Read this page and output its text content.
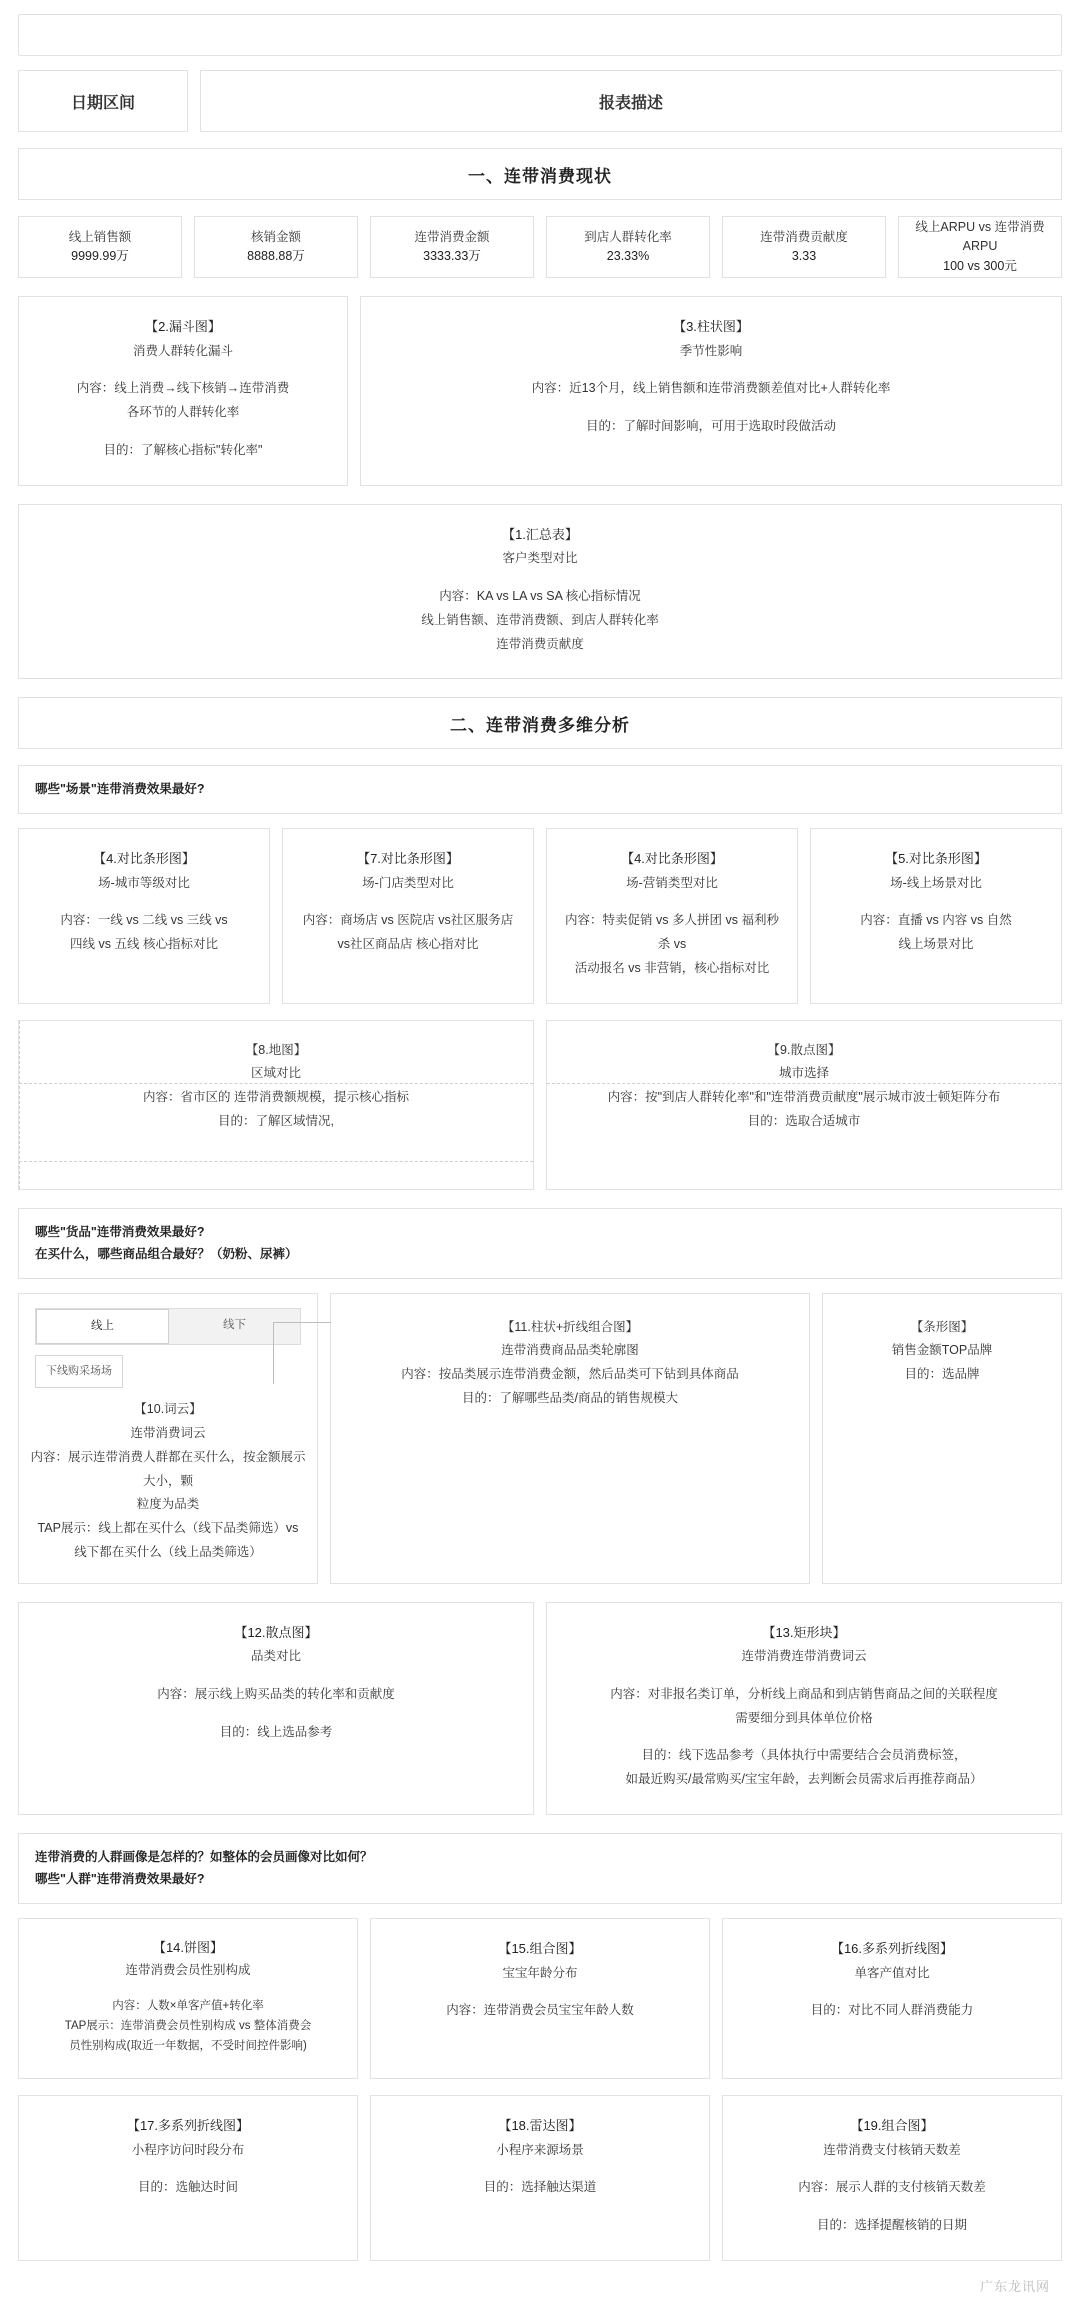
日期区间	报表描述
一、连带消费现状
线上销售额
9999.99万
核销金额
8888.88万
连带消费金额
3333.33万
到店人群转化率
23.33%
连带消费贡献度
3.33
线上ARPU vs 连带消费ARPU
100 vs 300元
【2.漏斗图】
消费人群转化漏斗
内容：线上消费→线下核销→连带消费
各环节的人群转化率
目的：了解核心指标"转化率"
【3.柱状图】
季节性影响
内容：近13个月，线上销售额和连带消费额差值对比+人群转化率
目的：了解时间影响，可用于选取时段做活动
【1.汇总表】
客户类型对比
内容：KA vs LA vs SA 核心指标情况
线上销售额、连带消费额、到店人群转化率
连带消费贡献度
二、连带消费多维分析
哪些"场景"连带消费效果最好?
【4.对比条形图】
场-城市等级对比
内容：一线 vs 二线 vs 三线 vs
四线 vs 五线 核心指标对比
【7.对比条形图】
场-门店类型对比
内容：商场店 vs 医院店 vs社区服务店
vs社区商品店 核心指对比
【4.对比条形图】
场-营销类型对比
内容：特卖促销 vs 多人拼团 vs 福利秒杀 vs
活动报名 vs 非营销，核心指标对比
【5.对比条形图】
场-线上场景对比
内容：直播 vs 内容 vs 自然
线上场景对比
【8.地图】
区域对比
内容：省市区的 连带消费额规模，提示核心指标
目的：了解区域情况,
【9.散点图】
城市选择
内容：按"到店人群转化率"和"连带消费贡献度"展示城市波士顿矩阵分布
目的：选取合适城市
哪些"货品"连带消费效果最好?
在买什么，哪些商品组合最好？（奶粉、尿裤）
线上	线下
下线购采场场
【10.词云】
连带消费词云
内容：展示连带消费人群都在买什么，按金额展示大小，颗
粒度为品类
TAP展示：线上都在买什么（线下品类筛选）vs
线下都在买什么（线上品类筛选）
【11.柱状+折线组合图】
连带消费商品品类轮廓图
内容：按品类展示连带消费金额，然后品类可下钻到具体商品
目的：了解哪些品类/商品的销售规模大
【条形图】
销售金额TOP品牌
目的：选品牌
【12.散点图】
品类对比
内容：展示线上购买品类的转化率和贡献度
目的：线上选品参考
【13.矩形块】
连带消费连带消费词云
内容：对非报名类订单，分析线上商品和到店销售商品之间的关联程度
需要细分到具体单位价格
目的：线下选品参考（具体执行中需要结合会员消费标签，
如最近购买/最常购买/宝宝年龄，去判断会员需求后再推荐商品）
连带消费的人群画像是怎样的？如整体的会员画像对比如何？
哪些"人群"连带消费效果最好?
【14.饼图】
连带消费会员性别构成
内容：人数×单客产值+转化率
TAP展示：连带消费会员性别构成 vs 整体消费会
员性别构成(取近一年数据，不受时间控件影响)
【15.组合图】
宝宝年龄分布
内容：连带消费会员宝宝年龄人数
【16.多系列折线图】
单客产值对比
目的：对比不同人群消费能力
【17.多系列折线图】
小程序访问时段分布
目的：选触达时间
【18.雷达图】
小程序来源场景
目的：选择触达渠道
【19.组合图】
连带消费支付核销天数差
内容：展示人群的支付核销天数差
目的：选择提醒核销的日期
广东龙讯网
